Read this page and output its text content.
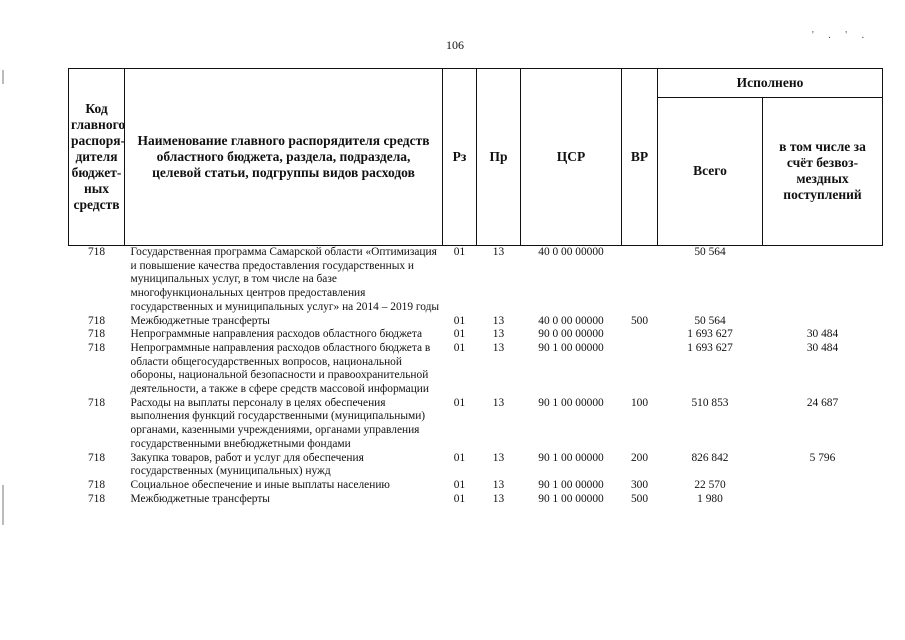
106
' . ' .
Код главного распоря-дителя бюджет-ных средств	Наименование главного распорядителя средств областного бюджета, раздела, подраздела, целевой статьи, подгруппы видов расходов	Рз	Пр	ЦСР	ВР	Исполнено	
						Всего	в том числе за счёт безвоз-мездных поступлений
718	Государственная программа Самарской области «Оптимизация и повышение качества предоставления государственных и муниципальных услуг, в том числе на базе многофункциональных центров предоставления государственных и муниципальных услуг» на 2014 – 2019 годы	01	13	40 0 00 00000		50 564	
718	Межбюджетные трансферты	01	13	40 0 00 00000	500	50 564	
718	Непрограммные направления расходов областного бюджета	01	13	90 0 00 00000		1 693 627	30 484
718	Непрограммные направления расходов областного бюджета в области общегосударственных вопросов, национальной обороны, национальной безопасности и правоохранительной деятельности, а также в сфере средств массовой информации	01	13	90 1 00 00000		1 693 627	30 484
718	Расходы на выплаты персоналу в целях обеспечения выполнения функций государственными (муниципальными) органами, казенными учреждениями, органами управления государственными внебюджетными фондами	01	13	90 1 00 00000	100	510 853	24 687
718	Закупка товаров, работ и услуг для обеспечения государственных (муниципальных) нужд	01	13	90 1 00 00000	200	826 842	5 796
718	Социальное обеспечение и иные выплаты населению	01	13	90 1 00 00000	300	22 570	
718	Межбюджетные трансферты	01	13	90 1 00 00000	500	1 980	
